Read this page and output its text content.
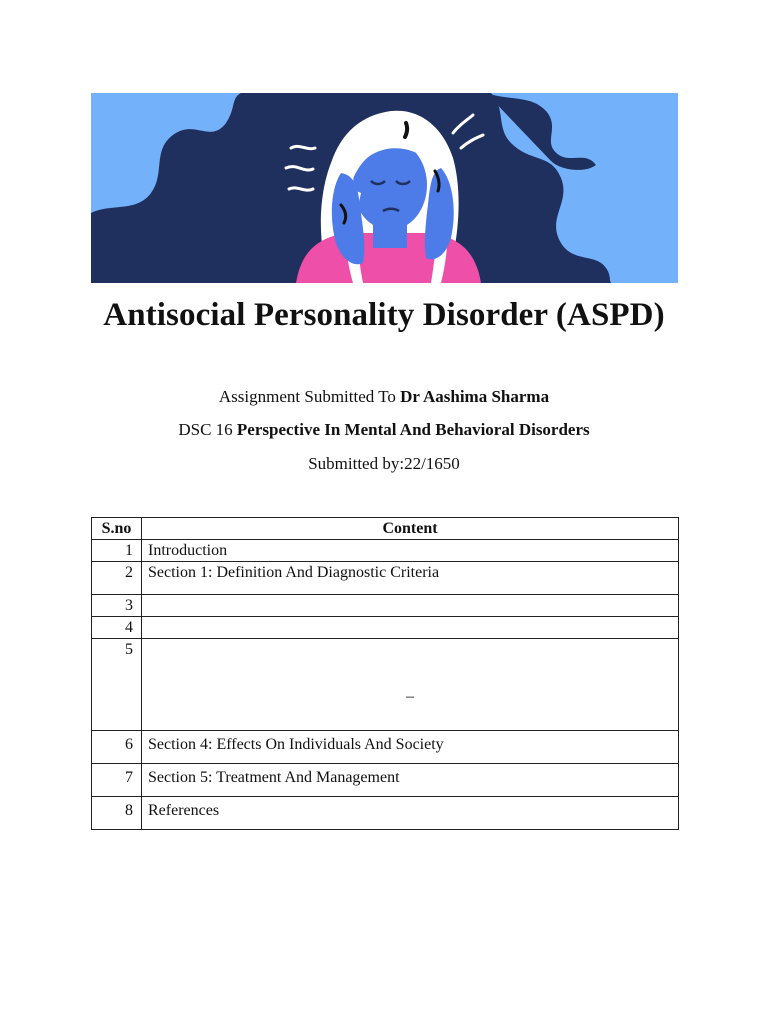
Antisocial Personality Disorder (ASPD)
Assignment Submitted To Dr Aashima Sharma
DSC 16 Perspective In Mental And Behavioral Disorders
Submitted by:22/1650
S.no	Content
1	Introduction
2	Section 1: Definition And Diagnostic Criteria
3	
4	
5	–

6	Section 4: Effects On Individuals And Society
7	Section 5: Treatment And Management
8	References
